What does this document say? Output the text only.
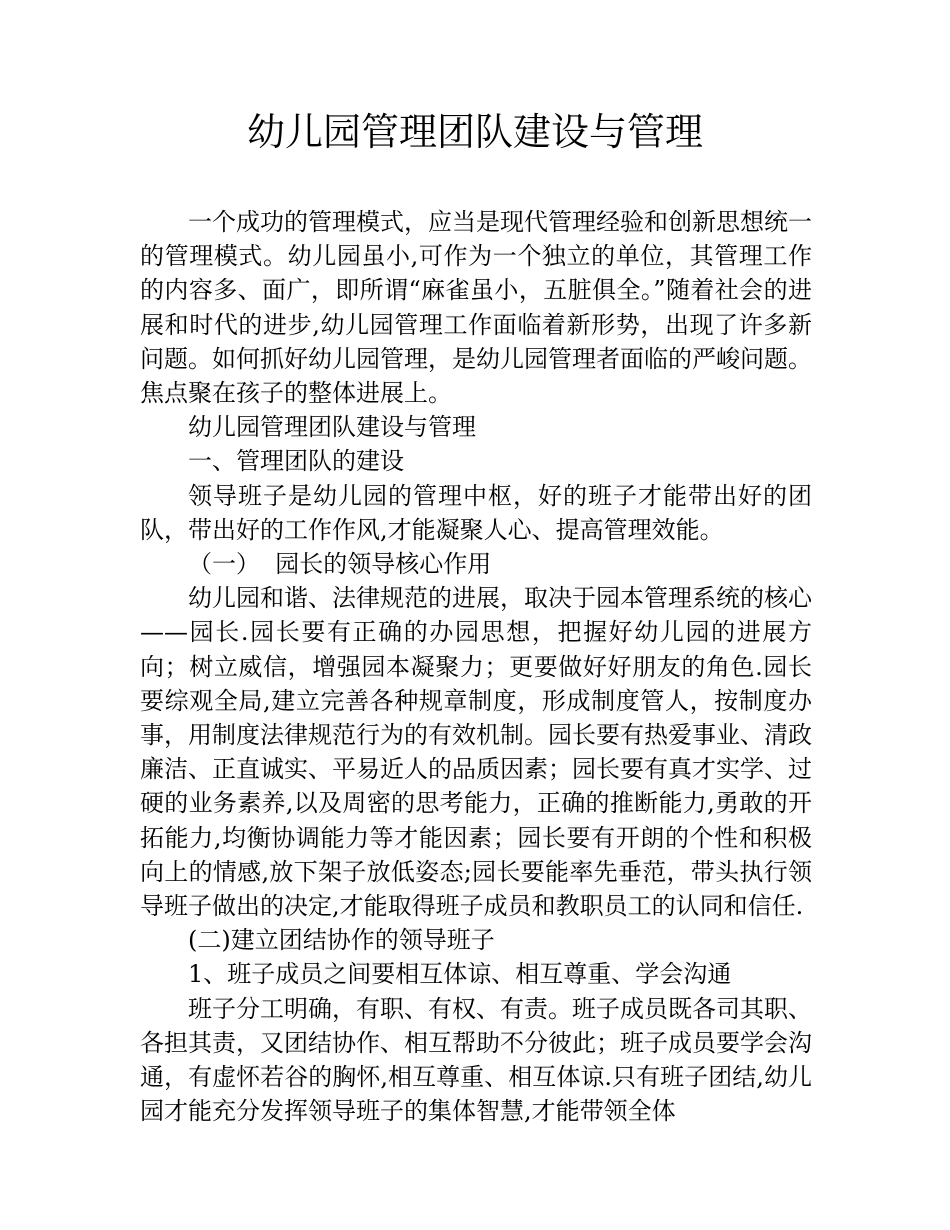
幼儿园管理团队建设与管理

一个成功的管理模式，应当是现代管理经验和创新思想统一的管理模式。幼儿园虽小,可作为一个独立的单位，其管理工作的内容多、面广，即所谓“麻雀虽小，五脏俱全。”随着社会的进展和时代的进步,幼儿园管理工作面临着新形势，出现了许多新问题。如何抓好幼儿园管理，是幼儿园管理者面临的严峻问题。焦点聚在孩子的整体进展上。

幼儿园管理团队建设与管理

一、管理团队的建设

领导班子是幼儿园的管理中枢，好的班子才能带出好的团队，带出好的工作作风,才能凝聚人心、提高管理效能。

（一）  园长的领导核心作用

幼儿园和谐、法律规范的进展，取决于园本管理系统的核心——园长.园长要有正确的办园思想，把握好幼儿园的进展方向；树立威信，增强园本凝聚力；更要做好好朋友的角色.园长要综观全局,建立完善各种规章制度，形成制度管人，按制度办事，用制度法律规范行为的有效机制。园长要有热爱事业、清政廉洁、正直诚实、平易近人的品质因素；园长要有真才实学、过硬的业务素养,以及周密的思考能力，正确的推断能力,勇敢的开拓能力,均衡协调能力等才能因素；园长要有开朗的个性和积极向上的情感,放下架子放低姿态;园长要能率先垂范，带头执行领导班子做出的决定,才能取得班子成员和教职员工的认同和信任.

(二)建立团结协作的领导班子

1、班子成员之间要相互体谅、相互尊重、学会沟通

班子分工明确，有职、有权、有责。班子成员既各司其职、各担其责，又团结协作、相互帮助不分彼此；班子成员要学会沟通，有虚怀若谷的胸怀,相互尊重、相互体谅.只有班子团结,幼儿园才能充分发挥领导班子的集体智慧,才能带领全体
